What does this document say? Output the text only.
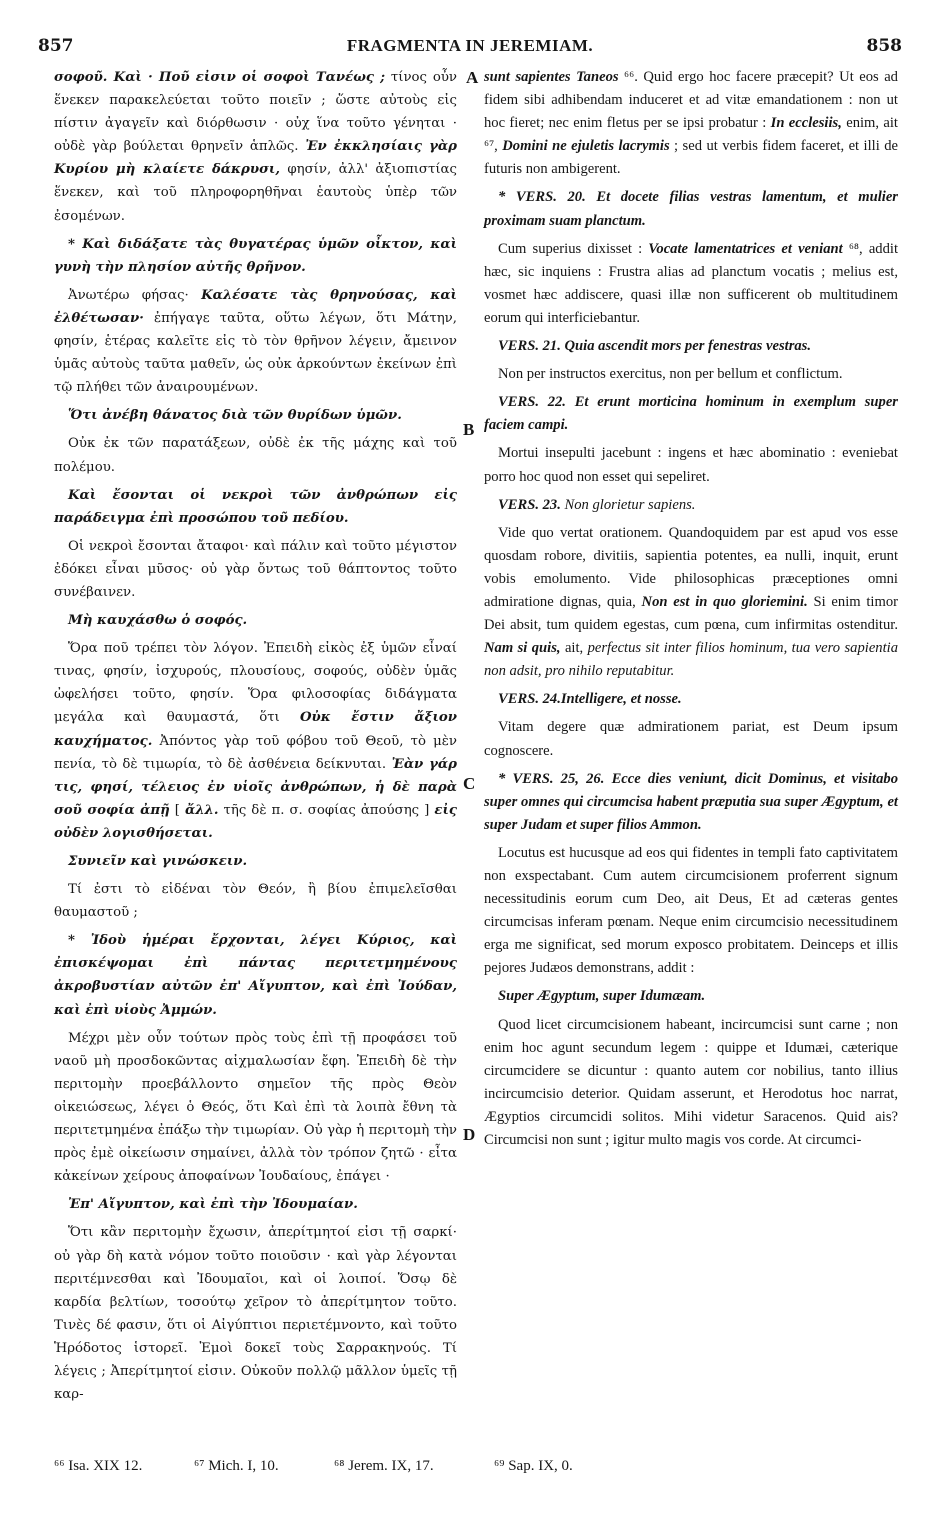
857	FRAGMENTA IN JEREMIAM.	858

σοφοῦ. Καὶ · Ποῦ εἰσιν οἱ σοφοὶ Τανέως ; τίνος οὖν ἕνεκεν παρακελεύεται τοῦτο ποιεῖν ; ὥστε αὐτοὺς εἰς πίστιν ἀγαγεῖν καὶ διόρθωσιν · οὐχ ἵνα τοῦτο γένηται · οὐδὲ γὰρ βούλεται θρηνεῖν ἁπλῶς. Ἐν ἐκκλησίαις γὰρ Κυρίου μὴ κλαίετε δάκρυσι, φησίν, ἀλλ' ἀξιοπιστίας ἕνεκεν, καὶ τοῦ πληροφορηθῆναι ἑαυτοὺς ὑπὲρ τῶν ἐσομένων.

* Καὶ διδάξατε τὰς θυγατέρας ὑμῶν οἶκτον, καὶ γυνὴ τὴν πλησίον αὐτῆς θρῆνον.

Ἀνωτέρω φήσας· Καλέσατε τὰς θρηνούσας, καὶ ἐλθέτωσαν· ἐπήγαγε ταῦτα, οὕτω λέγων, ὅτι Μάτην, φησίν, ἑτέρας καλεῖτε εἰς τὸ τὸν θρῆνον λέγειν, ἄμεινον ὑμᾶς αὐτοὺς ταῦτα μαθεῖν, ὡς οὐκ ἀρκούντων ἐκείνων ἐπὶ τῷ πλήθει τῶν ἀναιρουμένων.

Ὅτι ἀνέβη θάνατος διὰ τῶν θυρίδων ὑμῶν.

Οὐκ ἐκ τῶν παρατάξεων, οὐδὲ ἐκ τῆς μάχης καὶ τοῦ πολέμου.

Καὶ ἔσονται οἱ νεκροὶ τῶν ἀνθρώπων εἰς παράδειγμα ἐπὶ προσώπου τοῦ πεδίου.

Οἱ νεκροὶ ἔσονται ἄταφοι· καὶ πάλιν καὶ τοῦτο μέγιστον ἐδόκει εἶναι μῦσος· οὐ γὰρ ὄντως τοῦ θάπτοντος τοῦτο συνέβαινεν.

Μὴ καυχάσθω ὁ σοφός.

Ὅρα ποῦ τρέπει τὸν λόγον. Ἐπειδὴ εἰκὸς ἐξ ὑμῶν εἶναί τινας, φησίν, ἰσχυρούς, πλουσίους, σοφούς, οὐδὲν ὑμᾶς ὠφελήσει τοῦτο, φησίν. Ὅρα φιλοσοφίας διδάγματα μεγάλα καὶ θαυμαστά, ὅτι Οὐκ ἔστιν ἄξιον καυχήματος. Ἀπόντος γὰρ τοῦ φόβου τοῦ Θεοῦ, τὸ μὲν πενία, τὸ δὲ τιμωρία, τὸ δὲ ἀσθένεια δείκνυται. Ἐὰν γάρ τις, φησί, τέλειος ἐν υἱοῖς ἀνθρώπων, ἡ δὲ παρὰ σοῦ σοφία ἀπῇ [ ἄλλ. τῆς δὲ π. σ. σοφίας ἀπούσης ] εἰς οὐδὲν λογισθήσεται.

Συνιεῖν καὶ γινώσκειν.

Τί ἐστι τὸ εἰδέναι τὸν Θεόν, ἢ βίου ἐπιμελεῖσθαι θαυμαστοῦ ;

* Ἰδοὺ ἡμέραι ἔρχονται, λέγει Κύριος, καὶ ἐπισκέψομαι ἐπὶ πάντας περιτετμημένους ἀκροβυστίαν αὐτῶν ἐπ' Αἴγυπτον, καὶ ἐπὶ Ἰούδαν, καὶ ἐπὶ υἱοὺς Ἀμμών.

Μέχρι μὲν οὖν τούτων πρὸς τοὺς ἐπὶ τῇ προφάσει τοῦ ναοῦ μὴ προσδοκῶντας αἰχμαλωσίαν ἔφη. Ἐπειδὴ δὲ τὴν περιτομὴν προεβάλλοντο σημεῖον τῆς πρὸς Θεὸν οἰκειώσεως, λέγει ὁ Θεός, ὅτι Καὶ ἐπὶ τὰ λοιπὰ ἔθνη τὰ περιτετμημένα ἐπάξω τὴν τιμωρίαν. Οὐ γὰρ ἡ περιτομὴ τὴν πρὸς ἐμὲ οἰκείωσιν σημαίνει, ἀλλὰ τὸν τρόπον ζητῶ · εἶτα κἀκείνων χείρους ἀποφαίνων Ἰουδαίους, ἐπάγει ·

Ἐπ' Αἴγυπτον, καὶ ἐπὶ τὴν Ἰδουμαίαν.

Ὅτι κἂν περιτομὴν ἔχωσιν, ἀπερίτμητοί εἰσι τῇ σαρκί· οὐ γὰρ δὴ κατὰ νόμον τοῦτο ποιοῦσιν · καὶ γὰρ λέγονται περιτέμνεσθαι καὶ Ἰδουμαῖοι, καὶ οἱ λοιποί. Ὅσῳ δὲ καρδία βελτίων, τοσούτῳ χεῖρον τὸ ἀπερίτμητον τοῦτο. Τινὲς δέ φασιν, ὅτι οἱ Αἰγύπτιοι περιετέμνοντο, καὶ τοῦτο Ἡρόδοτος ἱστορεῖ. Ἐμοὶ δοκεῖ τοὺς Σαρρακηνούς. Τί λέγεις ; Ἀπερίτμητοί εἰσιν. Οὐκοῦν πολλῷ μᾶλλον ὑμεῖς τῇ καρ-

sunt sapientes Taneos ⁶⁶. Quid ergo hoc facere præcepit? Ut eos ad fidem sibi adhibendam induceret et ad vitæ emandationem : non ut hoc fieret; nec enim fletus per se ipsi probatur : In ecclesiis, enim, ait ⁶⁷, Domini ne ejuletis lacrymis ; sed ut verbis fidem faceret, et illi de futuris non ambigerent.

* VERS. 20. Et docete filias vestras lamentum, et mulier proximam suam planctum.

Cum superius dixisset : Vocate lamentatrices et veniant ⁶⁸, addit hæc, sic inquiens : Frustra alias ad planctum vocatis ; melius est, vosmet hæc addiscere, quasi illæ non sufficerent ob multitudinem eorum qui interficiebantur.

VERS. 21. Quia ascendit mors per fenestras vestras.

Non per instructos exercitus, non per bellum et conflictum.

VERS. 22. Et erunt morticina hominum in exemplum super faciem campi.

Mortui insepulti jacebunt : ingens et hæc abominatio : eveniebat porro hoc quod non esset qui sepeliret.

VERS. 23. Non glorietur sapiens.

Vide quo vertat orationem. Quandoquidem par est apud vos esse quosdam robore, divitiis, sapientia potentes, ea nulli, inquit, erunt vobis emolumento. Vide philosophicas præceptiones omni admiratione dignas, quia, Non est in quo gloriemini. Si enim timor Dei absit, tum quidem egestas, cum pœna, cum infirmitas ostenditur. Nam si quis, ait, perfectus sit inter filios hominum, tua vero sapientia non adsit, pro nihilo reputabitur.

VERS. 24.Intelligere, et nosse.

Vitam degere quæ admirationem pariat, est Deum ipsum cognoscere.

* VERS. 25, 26. Ecce dies veniunt, dicit Dominus, et visitabo super omnes qui circumcisa habent præputia sua super Ægyptum, et super Judam et super filios Ammon.

Locutus est hucusque ad eos qui fidentes in templi fato captivitatem non exspectabant. Cum autem circumcisionem proferrent signum necessitudinis eorum cum Deo, ait Deus, Et ad cæteras gentes circumcisas inferam pœnam. Neque enim circumcisio necessitudinem erga me significat, sed morum exposco probitatem. Deinceps et illis pejores Judæos demonstrans, addit :

Super Ægyptum, super Idumæam.

Quod licet circumcisionem habeant, incircumcisi sunt carne ; non enim hoc agunt secundum legem : quippe et Idumæi, cæterique circumcidere se dicuntur : quanto autem cor nobilius, tanto illius incircumcisio deterior. Quidam asserunt, et Herodotus hoc narrat, Ægyptios circumcidi solitos. Mihi videtur Saracenos. Quid ais? Circumcisi non sunt ; igitur multo magis vos corde. At circumci-

A
B
C
D
⁶⁶ Isa. XIX 12.	⁶⁷ Mich. I, 10.	⁶⁸ Jerem. IX, 17.	⁶⁹ Sap. IX, 0.
